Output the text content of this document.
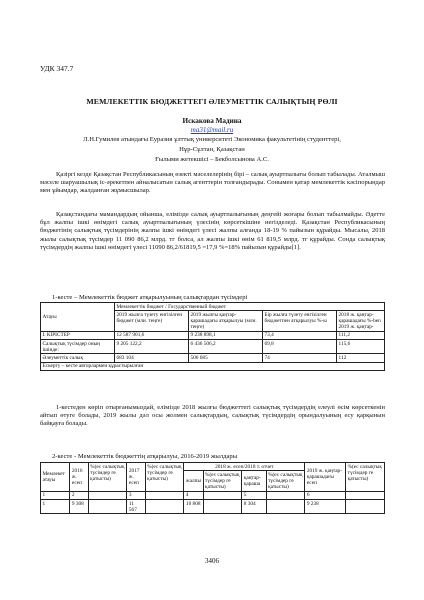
УДК 347.7
МЕМЛЕКЕТТІК БЮДЖЕТТЕГІ ӘЛЕУМЕТТІК САЛЫҚТЫҢ РӨЛІ
Искакова Мадина
ma31@mail.ru
Л.Н.Гумилев атындағы Еуразия ұлттық университеті Экономика факультетінің студенттері,
Нұр-Сұлтан, Қазақстан
Ғылыми жетекшісі – Бекболсынова А.С.
Қазіргі кезде Қазақстан Республикасының өзекті мәселелерінің бірі – салық ауыртпалығы болып табылады. Аталмыш мәселе шаруашылық іс-әрекетпен айналысатын салық агенттерін толғандырады. Сонымен қатар мемлекеттік кәсіпорындар мен ұйымдар, жалданған жұмысшылар.
Қазақстандағы мамандардың ойынша, елімізде салық ауыртпалығының деңгейі жоғары болып табылмайды. Әдетте бұл жалпы ішкі өнімдегі салық ауыртпалығының үлесінің көрсеткішіне негізделеді. Қазақстан Республикасының бюджетінің салықтық түсімдерінің жалпы ішкі өнімдегі үлесі жалпы алғанда 18-19 % пайызын құрайды. Мысалы, 2018 жылы салықтық түсімдер 11 090 86,2 млрд. тг болса, ал жалпы ішкі өнім 61 819,5 млрд. тг құрайды. Сонда салықтық түсімдердің жалпы ішкі өнімдегі үлесі 11090 86,2/61819,5 =17,9 %=18% пайызын құрайды[1].
1-кесте – Мемлекеттік бюджет атқарылуының салықтардан түсімдері
Атауы	Мемлекеттік бюджет / Государственный бюджет			
	2019 жылға түзету енгізілген бюджет (млн. теңге)	2019 жылғы қаңтар-қарашадағы атқарылуы (млн. теңге)	Бір жылға түзету енгізілген бюджетпен атқарылуы %-ы	2018 ж. қаңтар-қарашадағы %-ben 2019 ж. қаңтар-
І. КІРІСТЕР	12 587 901,6	9 238 898,1	73,4	111,2
Салықтық түсімдер оның ішінде:	9 205 122,2	6 436 506,2	69,8	115,6
Әлеуметтік салық	683 104	506 685	74	112
Ескерту – кесте авторлармен құрастырылған				
1-кестеден көріп отырғанымыздай, елімізде 2018 жылғы бюджеттегі салықтық түсімдердің елеулі өсім көрсеткенін айтып өтуге болады, 2019 жылы дәл осы жолмен салықтардың, салықтық түсімдердің орындалуының есу қарқынын байқауға болады.
2-кесте - Мемлекеттік бюджеттің атқарылуы, 2016-2019 жылдары
Мемлекет атауы	2016 ж. есеп	%(ес салықтық түсімдер ге қатысты)	2017 ж. есеп	%(ес салықтық түсімдер ге қатысты)	2018 ж. есеп/2018 т. отчет				2019 ж. қаңтар-қарашадағы есеп	%(ес салықтық түсімдер ге қатысты)
					жалпы	%(ес салықтық түсімдер ге қатысты)	қаңтар-қараша	%(ес салықтық түсімдер ге қатысты)		
1	2		3		4		5		6	
1	9 308		11 567		10 808		8 304		9 238	
3406
